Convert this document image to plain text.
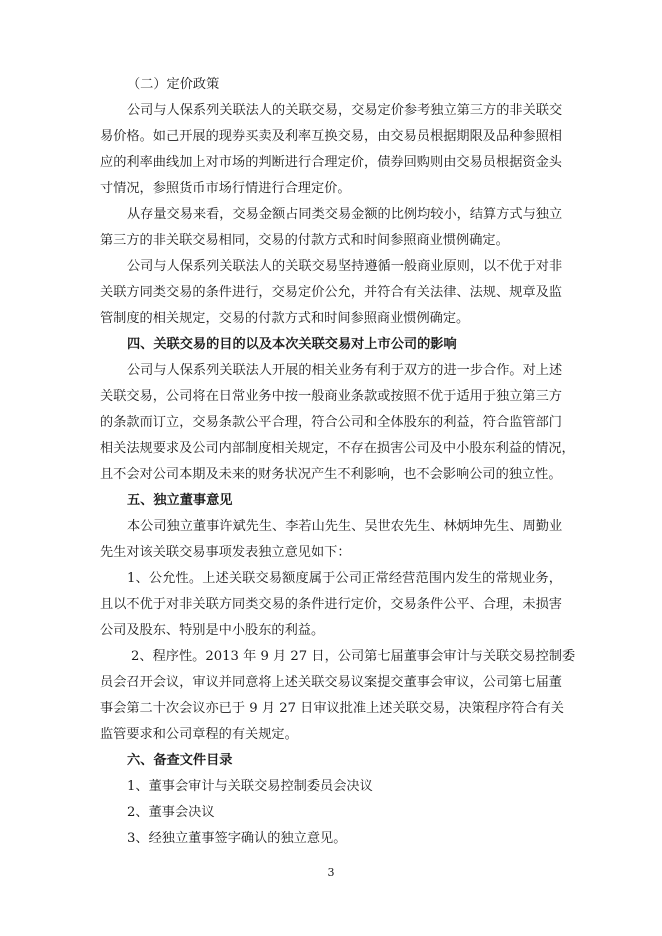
（二）定价政策
公司与人保系列关联法人的关联交易，交易定价参考独立第三方的非关联交
易价格。如己开展的现券买卖及利率互换交易，由交易员根据期限及品种参照相
应的利率曲线加上对市场的判断进行合理定价，债券回购则由交易员根据资金头
寸情况，参照货币市场行情进行合理定价。
从存量交易来看，交易金额占同类交易金额的比例均较小，结算方式与独立
第三方的非关联交易相同，交易的付款方式和时间参照商业惯例确定。
公司与人保系列关联法人的关联交易坚持遵循一般商业原则，以不优于对非
关联方同类交易的条件进行，交易定价公允，并符合有关法律、法规、规章及监
管制度的相关规定，交易的付款方式和时间参照商业惯例确定。
四、关联交易的目的以及本次关联交易对上市公司的影响
公司与人保系列关联法人开展的相关业务有利于双方的进一步合作。对上述
关联交易，公司将在日常业务中按一般商业条款或按照不优于适用于独立第三方
的条款而订立，交易条款公平合理，符合公司和全体股东的利益，符合监管部门
相关法规要求及公司内部制度相关规定，不存在损害公司及中小股东利益的情况，
且不会对公司本期及未来的财务状况产生不利影响，也不会影响公司的独立性。
五、独立董事意见
本公司独立董事许斌先生、李若山先生、吴世农先生、林炳坤先生、周勤业
先生对该关联交易事项发表独立意见如下：
1、公允性。上述关联交易额度属于公司正常经营范围内发生的常规业务，
且以不优于对非关联方同类交易的条件进行定价，交易条件公平、合理，未损害
公司及股东、特别是中小股东的利益。
2、程序性。2013 年 9 月 27 日，公司第七届董事会审计与关联交易控制委
员会召开会议，审议并同意将上述关联交易议案提交董事会审议，公司第七届董
事会第二十次会议亦已于 9 月 27 日审议批准上述关联交易，决策程序符合有关
监管要求和公司章程的有关规定。
六、备查文件目录
1、董事会审计与关联交易控制委员会决议
2、董事会决议
3、经独立董事签字确认的独立意见。
3
